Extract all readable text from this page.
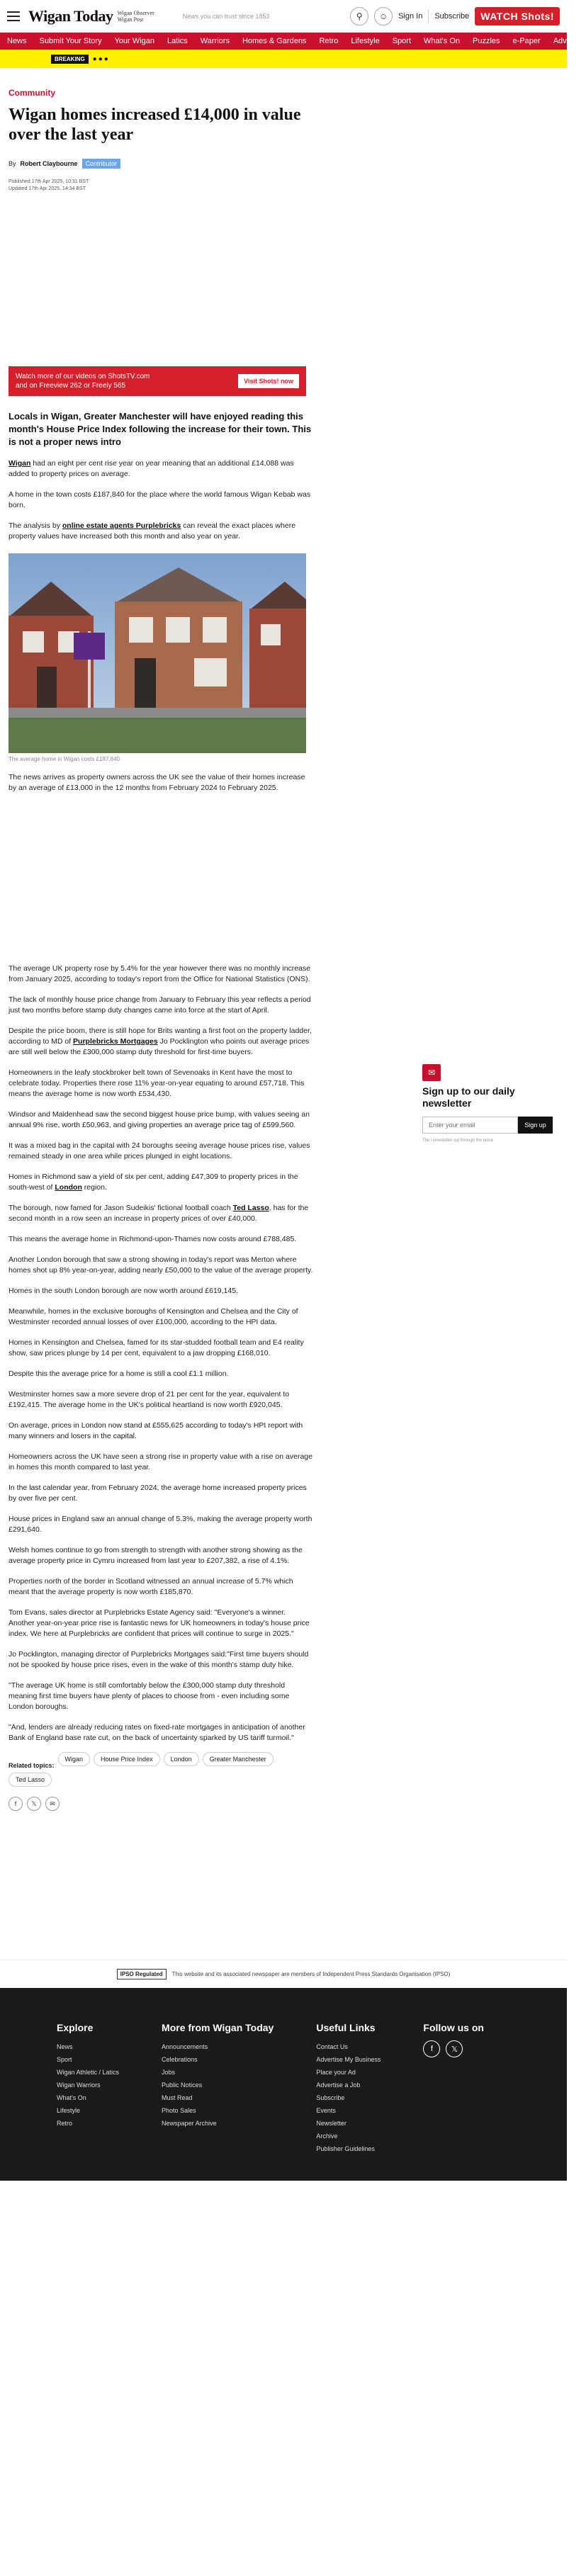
Wigan Today Wigan Observer
Wigan Post	News you can trust since 1853	⚲	☺	Sign In Subscribe	WATCH Shots!
News Submit Your Story Your Wigan Latics Warriors Homes & Gardens Retro Lifestyle Sport What's On Puzzles e-Paper Advertise
BREAKING	●●●
Community
Wigan homes increased £14,000 in value over the last year
By Robert Claybourne	Contributor
Published 17th Apr 2025, 10:31 BST
Updated 17th Apr 2025, 14:34 BST
Watch more of our videos on ShotsTV.com
and on Freeview 262 or Freely 565
Visit Shots! now

Locals in Wigan, Greater Manchester will have enjoyed reading this month's House Price Index following the increase for their town. This is not a proper news intro

Wigan had an eight per cent rise year on year meaning that an additional £14,088 was added to property prices on average.

A home in the town costs £187,840 for the place where the world famous Wigan Kebab was born.

The analysis by online estate agents Purplebricks can reveal the exact places where property values have increased both this month and also year on year.

The average home in Wigan costs £187,840

The news arrives as property owners across the UK see the value of their homes increase by an average of £13,000 in the 12 months from February 2024 to February 2025.

The average UK property rose by 5.4% for the year however there was no monthly increase from January 2025, according to today's report from the Office for National Statistics (ONS).

The lack of monthly house price change from January to February this year reflects a period just two months before stamp duty changes came into force at the start of April.

Despite the price boom, there is still hope for Brits wanting a first foot on the property ladder, according to MD of Purplebricks Mortgages Jo Pocklington who points out average prices are still well below the £300,000 stamp duty threshold for first-time buyers.

Homeowners in the leafy stockbroker belt town of Sevenoaks in Kent have the most to celebrate today. Properties there rose 11% year-on-year equating to around £57,718. This means the average home is now worth £534,430.

Windsor and Maidenhead saw the second biggest house price bump, with values seeing an annual 9% rise, worth £50,963, and giving properties an average price tag of £599,560.

It was a mixed bag in the capital with 24 boroughs seeing average house prices rise, values remained steady in one area while prices plunged in eight locations.

Homes in Richmond saw a yield of six per cent, adding £47,309 to property prices in the south-west of London region.

The borough, now famed for Jason Sudeikis' fictional football coach Ted Lasso, has for the second month in a row seen an increase in property prices of over £40,000.

This means the average home in Richmond-upon-Thames now costs around £788,485.

Another London borough that saw a strong showing in today's report was Merton where homes shot up 8% year-on-year, adding nearly £50,000 to the value of the average property.

Homes in the south London borough are now worth around £619,145.

Meanwhile, homes in the exclusive boroughs of Kensington and Chelsea and the City of Westminster recorded annual losses of over £100,000, according to the HPI data.

Homes in Kensington and Chelsea, famed for its star-studded football team and E4 reality show, saw prices plunge by 14 per cent, equivalent to a jaw dropping £168,010.

Despite this the average price for a home is still a cool £1.1 million.

Westminster homes saw a more severe drop of 21 per cent for the year, equivalent to £192,415. The average home in the UK's political heartland is now worth £920,045.

On average, prices in London now stand at £555,625 according to today's HPI report with many winners and losers in the capital.

Homeowners across the UK have seen a strong rise in property value with a rise on average in homes this month compared to last year.

In the last calendar year, from February 2024, the average home increased property prices by over five per cent.

House prices in England saw an annual change of 5.3%, making the average property worth £291,640.

Welsh homes continue to go from strength to strength with another strong showing as the average property price in Cymru increased from last year to £207,382, a rise of 4.1%.

Properties north of the border in Scotland witnessed an annual increase of 5.7% which meant that the average property is now worth £185,870.

Tom Evans, sales director at Purplebricks Estate Agency said: "Everyone's a winner. Another year-on-year price rise is fantastic news for UK homeowners in today's house price index. We here at Purplebricks are confident that prices will continue to surge in 2025."

Jo Pocklington, managing director of Purplebricks Mortgages said:"First time buyers should not be spooked by house price rises, even in the wake of this month's stamp duty hike.

"The average UK home is still comfortably below the £300,000 stamp duty threshold meaning first time buyers have plenty of places to choose from - even including some London boroughs.

"And, lenders are already reducing rates on fixed-rate mortgages in anticipation of another Bank of England base rate cut, on the back of uncertainty sparked by US tariff turmoil."

Related topics:
Wigan	House Price Index	London	Greater Manchester
Ted Lasso
f	𝕏	✉
✉
Sign up to our daily newsletter
Enter your email
Sign up
The i newsletter cut through the noise
IPSO Regulated	This website and its associated newspaper are members of Independent Press Standards Organisation (IPSO)
Explore
News
Sport
Wigan Athletic / Latics
Wigan Warriors
What's On
Lifestyle
Retro
More from Wigan Today
Announcements
Celebrations
Jobs
Public Notices
Must Read
Photo Sales
Newspaper Archive
Useful Links
Contact Us
Advertise My Business
Place your Ad
Advertise a Job
Subscribe
Events
Newsletter
Archive
Publisher Guidelines
Follow us on
f	𝕏
